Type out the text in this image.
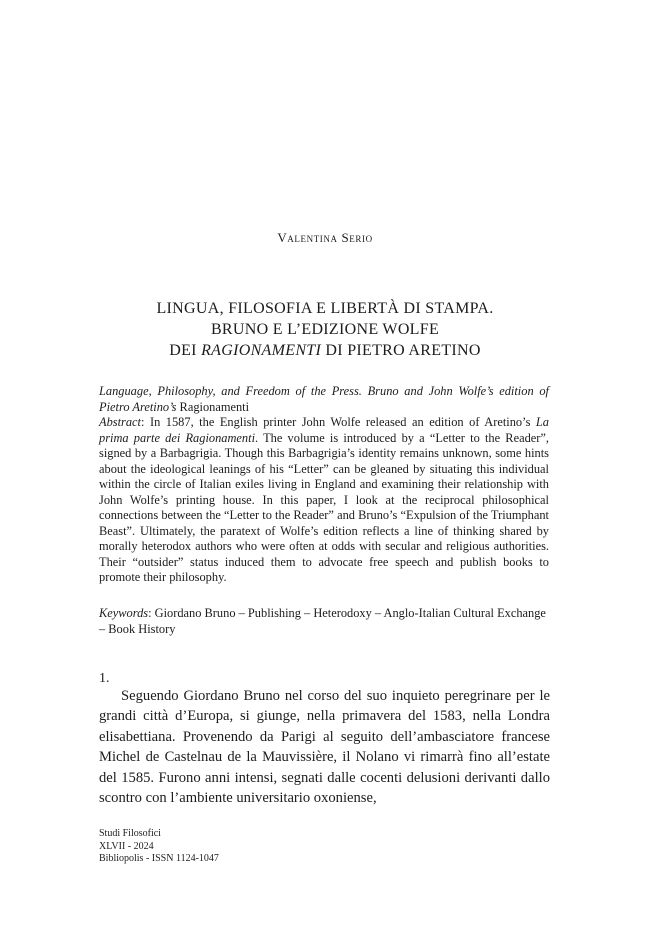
Valentina Serio

LINGUA, FILOSOFIA E LIBERTÀ DI STAMPA.
BRUNO E L’EDIZIONE WOLFE
DEI RAGIONAMENTI DI PIETRO ARETINO

Language, Philosophy, and Freedom of the Press. Bruno and John Wolfe’s edition of Pietro Aretino’s Ragionamenti

Abstract: In 1587, the English printer John Wolfe released an edition of Aretino’s La prima parte dei Ragionamenti. The volume is introduced by a “Letter to the Reader”, signed by a Barbagrigia. Though this Barbagrigia’s identity remains unknown, some hints about the ideological leanings of his “Letter” can be gleaned by situating this individual within the circle of Italian exiles living in England and examining their relationship with John Wolfe’s printing house. In this paper, I look at the reciprocal philosophical connections between the “Letter to the Reader” and Bruno’s “Expulsion of the Triumphant Beast”. Ultimately, the paratext of Wolfe’s edition reflects a line of thinking shared by morally heterodox authors who were often at odds with secular and religious authorities. Their “outsider” status induced them to advocate free speech and publish books to promote their philosophy.

Keywords: Giordano Bruno – Publishing – Heterodoxy – Anglo-Italian Cultural Exchange – Book History

1.

Seguendo Giordano Bruno nel corso del suo inquieto peregrinare per le grandi città d’Europa, si giunge, nella primavera del 1583, nella Londra elisabettiana. Provenendo da Parigi al seguito dell’ambasciatore francese Michel de Castelnau de la Mauvissière, il Nolano vi rimarrà fino all’estate del 1585. Furono anni intensi, segnati dalle cocenti delusioni derivanti dallo scontro con l’ambiente universitario oxoniense,

Studi Filosofici
XLVII - 2024
Bibliopolis - ISSN 1124-1047
